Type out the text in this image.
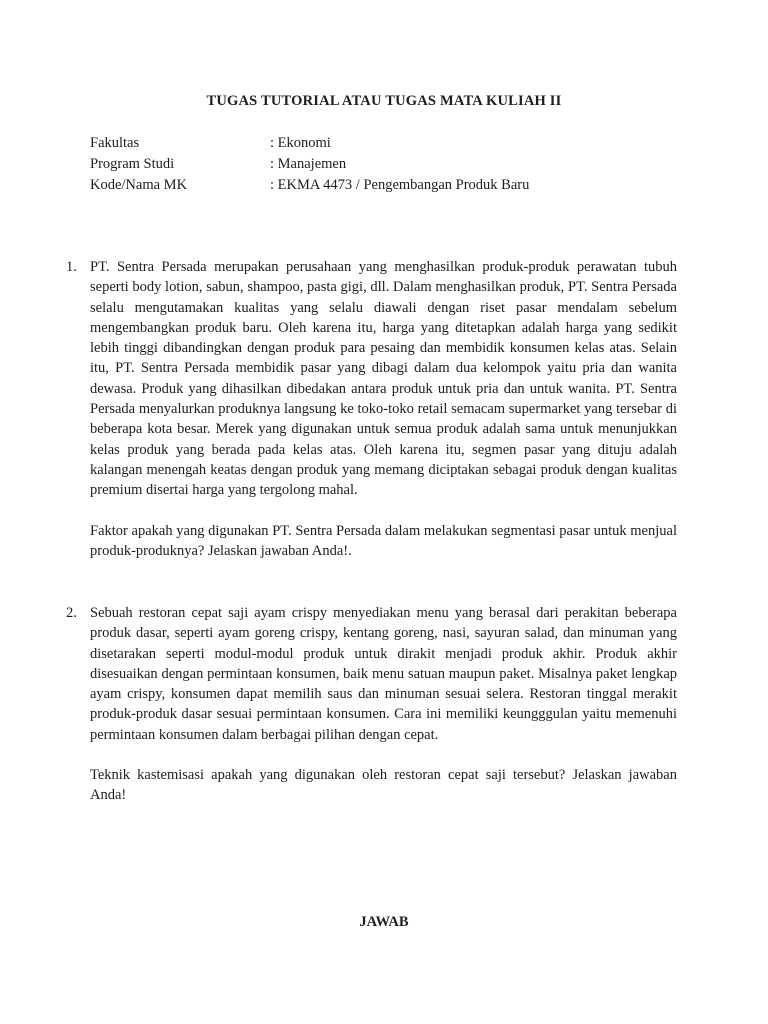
TUGAS TUTORIAL ATAU TUGAS MATA KULIAH II
Fakultas	: Ekonomi
Program Studi	: Manajemen
Kode/Nama MK	: EKMA 4473 / Pengembangan Produk Baru
1. PT. Sentra Persada merupakan perusahaan yang menghasilkan produk-produk perawatan tubuh seperti body lotion, sabun, shampoo, pasta gigi, dll. Dalam menghasilkan produk, PT. Sentra Persada selalu mengutamakan kualitas yang selalu diawali dengan riset pasar mendalam sebelum mengembangkan produk baru. Oleh karena itu, harga yang ditetapkan adalah harga yang sedikit lebih tinggi dibandingkan dengan produk para pesaing dan membidik konsumen kelas atas. Selain itu, PT. Sentra Persada membidik pasar yang dibagi dalam dua kelompok yaitu pria dan wanita dewasa. Produk yang dihasilkan dibedakan antara produk untuk pria dan untuk wanita. PT. Sentra Persada menyalurkan produknya langsung ke toko-toko retail semacam supermarket yang tersebar di beberapa kota besar. Merek yang digunakan untuk semua produk adalah sama untuk menunjukkan kelas produk yang berada pada kelas atas. Oleh karena itu, segmen pasar yang dituju adalah kalangan menengah keatas dengan produk yang memang diciptakan sebagai produk dengan kualitas premium disertai harga yang tergolong mahal.

Faktor apakah yang digunakan PT. Sentra Persada dalam melakukan segmentasi pasar untuk menjual produk-produknya? Jelaskan jawaban Anda!.

2. Sebuah restoran cepat saji ayam crispy menyediakan menu yang berasal dari perakitan beberapa produk dasar, seperti ayam goreng crispy, kentang goreng, nasi, sayuran salad, dan minuman yang disetarakan seperti modul-modul produk untuk dirakit menjadi produk akhir. Produk akhir disesuaikan dengan permintaan konsumen, baik menu satuan maupun paket. Misalnya paket lengkap ayam crispy, konsumen dapat memilih saus dan minuman sesuai selera. Restoran tinggal merakit produk-produk dasar sesuai permintaan konsumen. Cara ini memiliki keungggulan yaitu memenuhi permintaan konsumen dalam berbagai pilihan dengan cepat.

Teknik kastemisasi apakah yang digunakan oleh restoran cepat saji tersebut? Jelaskan jawaban Anda!

JAWAB
